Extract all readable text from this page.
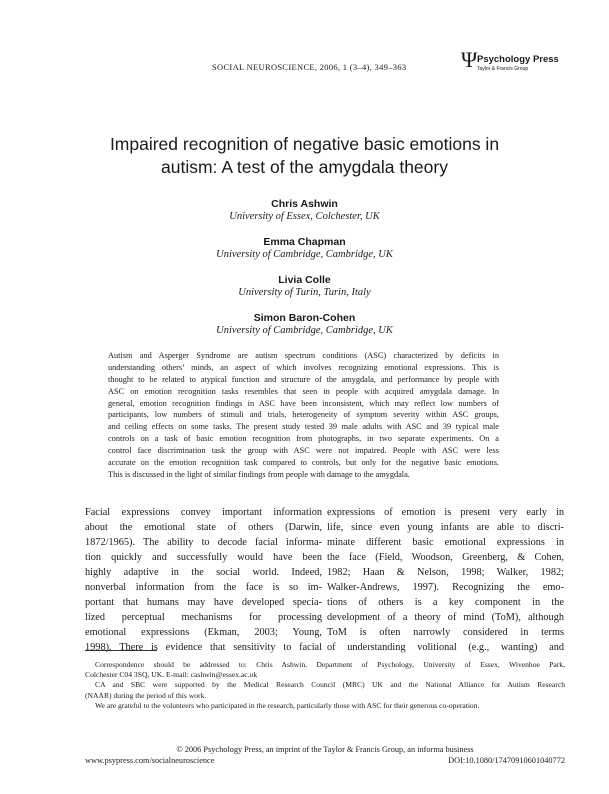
SOCIAL NEUROSCIENCE, 2006, 1 (3–4), 349–363 Ψ Psychology Press
Taylor & Francis Group
Impaired recognition of negative basic emotions in
autism: A test of the amygdala theory
Chris Ashwin
University of Essex, Colchester, UK
Emma Chapman
University of Cambridge, Cambridge, UK
Livia Colle
University of Turin, Turin, Italy
Simon Baron-Cohen
University of Cambridge, Cambridge, UK
Autism and Asperger Syndrome are autism spectrum conditions (ASC) characterized by deficits in
understanding others’ minds, an aspect of which involves recognizing emotional expressions. This is
thought to be related to atypical function and structure of the amygdala, and performance by people with
ASC on emotion recognition tasks resembles that seen in people with acquired amygdala damage. In
general, emotion recognition findings in ASC have been inconsistent, which may reflect low numbers of
participants, low numbers of stimuli and trials, heterogeneity of symptom severity within ASC groups,
and ceiling effects on some tasks. The present study tested 39 male adults with ASC and 39 typical male
controls on a task of basic emotion recognition from photographs, in two separate experiments. On a
control face discrimination task the group with ASC were not impaired. People with ASC were less
accurate on the emotion recognition task compared to controls, but only for the negative basic emotions.
This is discussed in the light of similar findings from people with damage to the amygdala.
Facial expressions convey important information
about the emotional state of others (Darwin,
1872/1965). The ability to decode facial informa-
tion quickly and successfully would have been
highly adaptive in the social world. Indeed,
nonverbal information from the face is so im-
portant that humans may have developed specia-
lized perceptual mechanisms for processing
emotional expressions (Ekman, 2003; Young,
1998). There is evidence that sensitivity to facial
expressions of emotion is present very early in
life, since even young infants are able to discri-
minate different basic emotional expressions in
the face (Field, Woodson, Greenberg, & Cohen,
1982; Haan & Nelson, 1998; Walker, 1982;
Walker-Andrews, 1997). Recognizing the emo-
tions of others is a key component in the
development of a theory of mind (ToM), although
ToM is often narrowly considered in terms
of understanding volitional (e.g., wanting) and
Correspondence should be addressed to: Chris Ashwin, Department of Psychology, University of Essex, Wivenhoe Park,
Colchester C04 3SQ, UK. E-mail: cashwin@essex.ac.uk
CA and SBC were supported by the Medical Research Council (MRC) UK and the National Alliance for Autism Research
(NAAR) during the period of this work.
We are grateful to the volunteers who participated in the research, particularly those with ASC for their generous co-operation.
© 2006 Psychology Press, an imprint of the Taylor & Francis Group, an informa business
www.psypress.com/socialneuroscience	DOI:10.1080/17470910601040772
